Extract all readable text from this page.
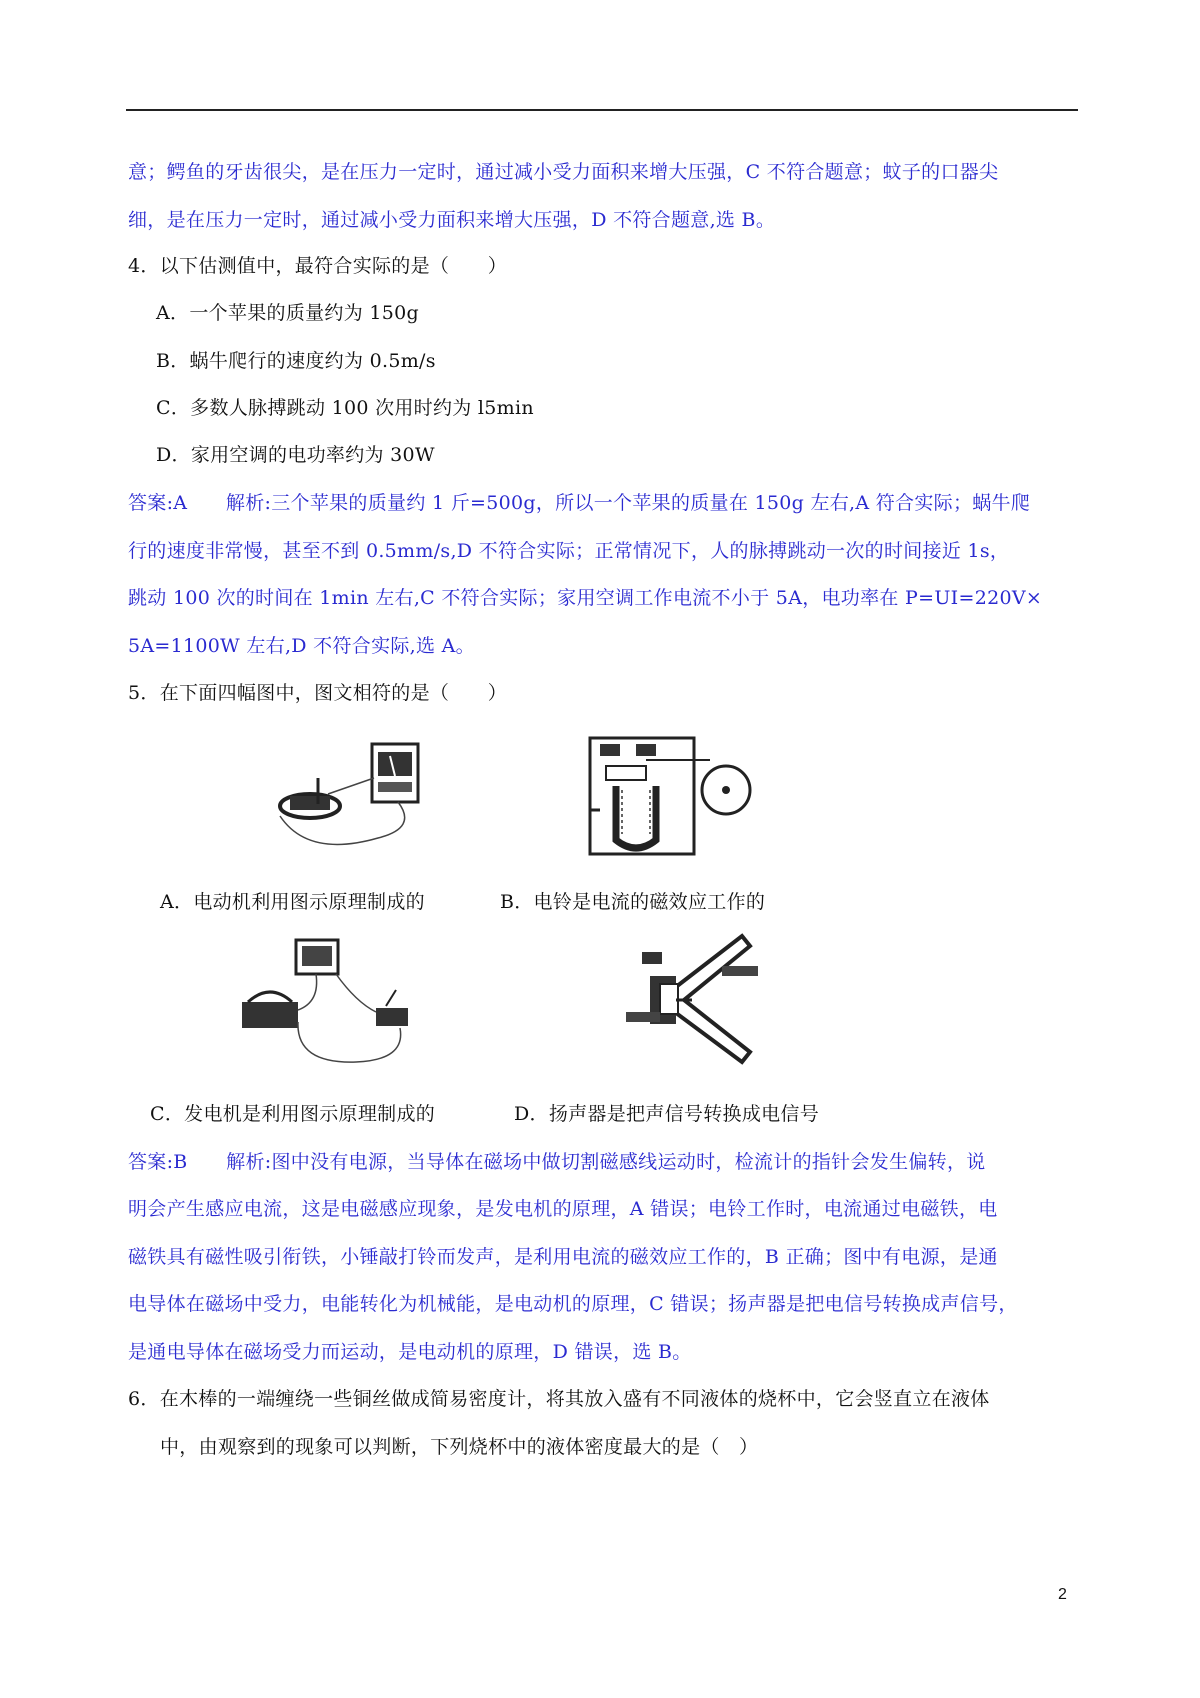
意；鳄鱼的牙齿很尖，是在压力一定时，通过减小受力面积来增大压强，C 不符合题意；蚊子的口器尖
细，是在压力一定时，通过减小受力面积来增大压强，D 不符合题意,选 B。
4．以下估测值中，最符合实际的是（　　）
A．一个苹果的质量约为 150g
B．蜗牛爬行的速度约为 0.5m/s
C．多数人脉搏跳动 100 次用时约为 l5min
D．家用空调的电功率约为 30W
答案:A　　解析:三个苹果的质量约 1 斤=500g，所以一个苹果的质量在 150g 左右,A 符合实际；蜗牛爬
行的速度非常慢，甚至不到 0.5mm/s,D 不符合实际；正常情况下，人的脉搏跳动一次的时间接近 1s，
跳动 100 次的时间在 1min 左右,C 不符合实际；家用空调工作电流不小于 5A，电功率在 P=UI=220V×
5A=1100W 左右,D 不符合实际,选 A。
5．在下面四幅图中，图文相符的是（　　）
A．电动机利用图示原理制成的	B．电铃是电流的磁效应工作的
C．发电机是利用图示原理制成的	D．扬声器是把声信号转换成电信号
答案:B　　解析:图中没有电源，当导体在磁场中做切割磁感线运动时，检流计的指针会发生偏转，说
明会产生感应电流，这是电磁感应现象，是发电机的原理，A 错误；电铃工作时，电流通过电磁铁，电
磁铁具有磁性吸引衔铁，小锤敲打铃而发声，是利用电流的磁效应工作的，B 正确；图中有电源，是通
电导体在磁场中受力，电能转化为机械能，是电动机的原理，C 错误；扬声器是把电信号转换成声信号，
是通电导体在磁场受力而运动，是电动机的原理，D 错误，选 B。
6．在木棒的一端缠绕一些铜丝做成简易密度计，将其放入盛有不同液体的烧杯中，它会竖直立在液体
中，由观察到的现象可以判断，下列烧杯中的液体密度最大的是（　）
2
